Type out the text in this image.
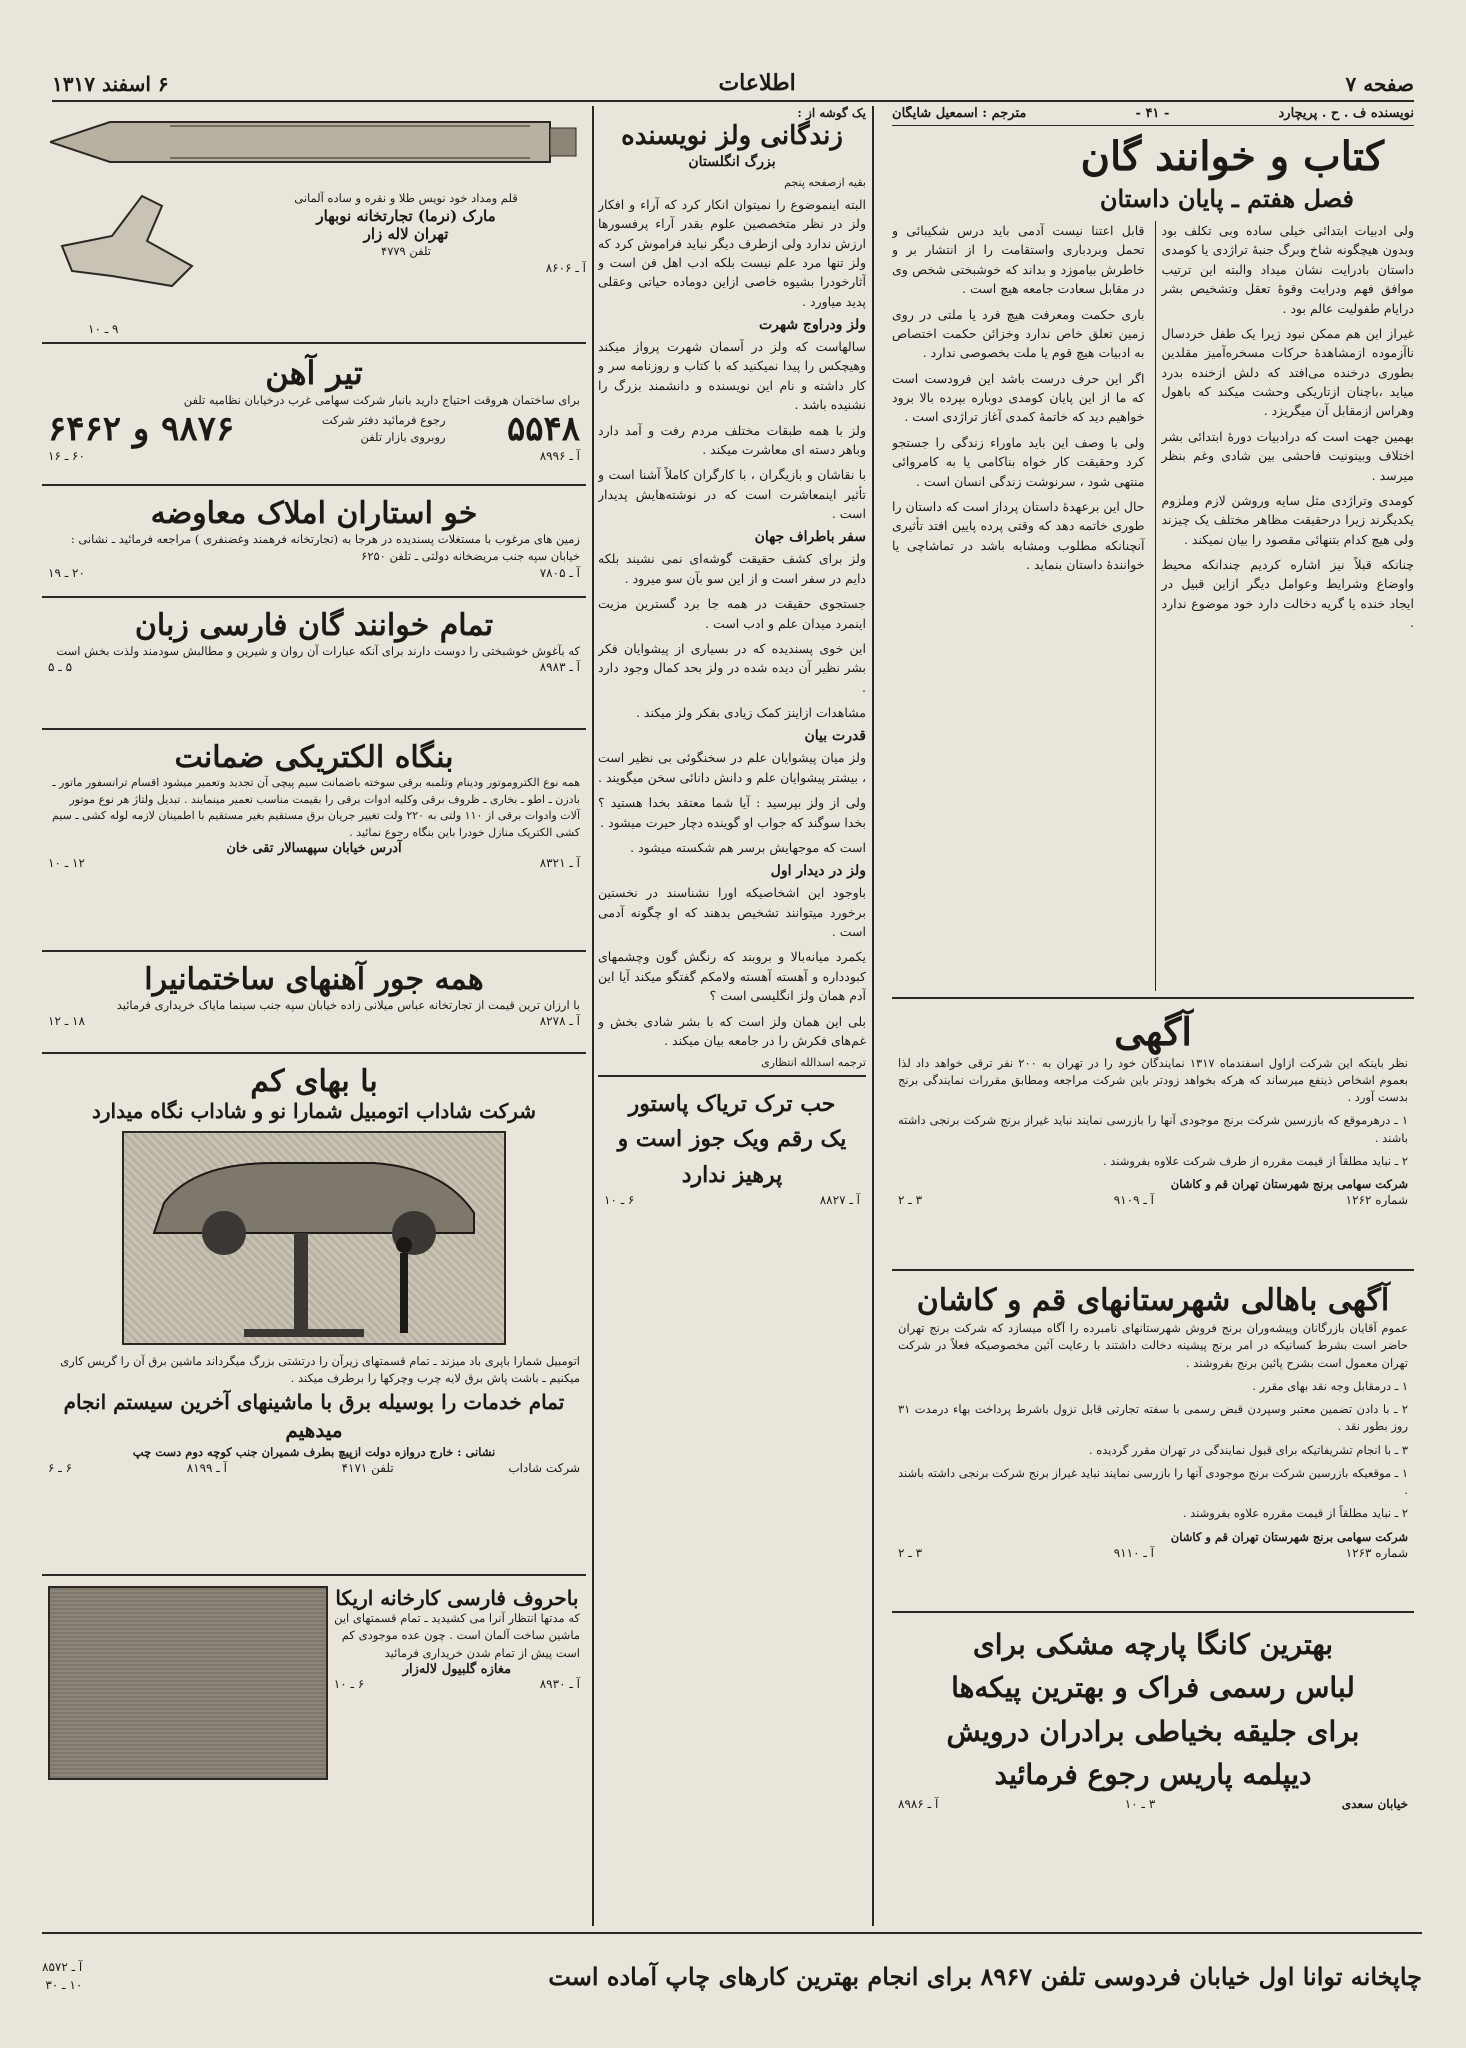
صفحه ۷
اطلاعات
۶ اسفند ۱۳۱۷
نویسنده ف . ح . پریچارد
- ۴۱ -
مترجم : اسمعیل شایگان
کتاب و خوانند گان
فصل هفتم ـ پایان داستان

ولی ادبیات ابتدائی خیلی ساده وبی تکلف بود وبدون هیچگونه شاخ وبرگ جنبهٔ تراژدی یا کومدی داستان بادرایت نشان میداد والبته این ترتیب موافق فهم ودرایت وقوهٔ تعقل وتشخیص بشر درایام طفولیت عالم بود .

غیراز این هم ممکن نبود زیرا یک طفل خردسال ناآزموده ازمشاهدهٔ حرکات مسخره‌آمیز مقلدین بطوری درخنده می‌افتد که دلش ازخنده بدرد میاید ،باچنان ازتاریکی وحشت میکند که باهول وهراس ازمقابل آن میگریزد .

بهمین جهت است که درادبیات دورهٔ ابتدائی بشر اختلاف وبینونیت فاحشی بین شادی وغم بنظر میرسد .

کومدی وتراژدی مثل سایه وروشن لازم وملزوم یکدیگرند زیرا درحقیقت مظاهر مختلف یک چیزند ولی هیچ کدام بتنهائی مقصود را بیان نمیکند .

چنانکه قبلاً نیز اشاره کردیم چندانکه محیط واوضاع وشرایط وعوامل دیگر ازاین قبیل در ایجاد خنده یا گریه دخالت دارد خود موضوع ندارد .

قابل اعتنا نیست آدمی باید درس شکیبائی و تحمل وبردباری واستقامت را از انتشار بر و خاطرش بیاموزد و بداند که خوشبختی شخص وی در مقابل سعادت جامعه هیچ است .

باری حکمت ومعرفت هیچ فرد یا ملتی در روی زمین تعلق خاص ندارد وخزائن حکمت اختصاص به ادبیات هیچ قوم یا ملت بخصوصی ندارد .

اگر این حرف درست باشد این فرودست است که ما از این پایان کومدی دوباره بپرده بالا برود خواهیم دید که خاتمهٔ کمدی آغاز تراژدی است .

ولی با وصف این باید ماوراء زندگی را جستجو کرد وحقیقت کار خواه بناکامی یا به کامروائی منتهی شود ، سرنوشت زندگی انسان است .

حال این برعهدهٔ داستان پرداز است که داستان را طوری خاتمه دهد که وقتی پرده پایین افتد تأثیری آنچنانکه مطلوب ومشابه باشد در تماشاچی یا خوانندهٔ داستان بنماید .

آگهی

نظر باینکه این شرکت ازاول اسفندماه ۱۳۱۷ نمایندگان خود را در تهران به ۲۰۰ نفر ترقی خواهد داد لذا بعموم اشخاص ذینفع میرساند که هرکه بخواهد زودتر باین شرکت مراجعه ومطابق مقررات نمایندگی برنج بدست آورد .

۱ ـ درهرموقع که بازرسین شرکت برنج موجودی آنها را بازرسی نمایند نباید غیراز برنج شرکت برنجی داشته باشند .

۲ ـ نباید مطلقاً از قیمت مقرره از طرف شرکت علاوه بفروشند .

شرکت سهامی برنج شهرستان تهران قم و کاشان

شماره ۱۲۶۲
آ ـ ۹۱۰۹
۳ ـ ۲
آگهی باهالی شهرستانهای قم و کاشان

عموم آقایان بازرگانان وپیشه‌وران برنج فروش شهرستانهای نامبرده را آگاه میسازد که شرکت برنج تهران حاضر است بشرط کسانیکه در امر برنج پیشینه دخالت داشتند با رعایت آئین مخصوصیکه فعلاً در شرکت تهران معمول است بشرح پائین برنج بفروشند .

۱ ـ درمقابل وجه نقد بهای مقرر .

۲ ـ با دادن تضمین معتبر وسپردن قبض رسمی با سفته تجارتی قابل نزول باشرط پرداخت بهاء درمدت ۳۱ روز بطور نقد .

۳ ـ با انجام تشریفاتیکه برای قبول نمایندگی در تهران مقرر گردیده .

۱ ـ موقعیکه بازرسین شرکت برنج موجودی آنها را بازرسی نمایند نباید غیراز برنج شرکت برنجی داشته باشند .

۲ ـ نباید مطلقاً از قیمت مقرره علاوه بفروشند .

شرکت سهامی برنج شهرستان تهران قم و کاشان

شماره ۱۲۶۳
آ ـ ۹۱۱۰
۳ ـ ۲
بهترین کانگا پارچه مشکی برای
لباس رسمی فراک و بهترین پیکه‌ها
برای جلیقه بخیاطی برادران درویش
دیپلمه پاریس رجوع فرمائید
خیابان سعدی
۳ ـ ۱۰
آ ـ ۸۹۸۶
یک گوشه از :
زندگانی ولز نویسنده
بزرگ انگلستان
بقیه ازصفحه پنجم

البته اینموضوع را نمیتوان انکار کرد که آراء و افکار ولز در نظر متخصصین علوم بقدر آراء پرفسورها ارزش ندارد ولی ازطرف دیگر نباید فراموش کرد که ولز تنها مرد علم نیست بلکه ادب اهل فن است و آثارخودرا بشیوه خاصی ازاین دوماده حیاتی وعقلی پدید میاورد .

ولز ودراوج شهرت

سالهاست که ولز در آسمان شهرت پرواز میکند وهیچکس را پیدا نمیکنید که با کتاب و روزنامه سر و کار داشته و نام این نویسنده و دانشمند بزرگ را نشنیده باشد .

ولز با همه طبقات مختلف مردم رفت و آمد دارد وباهر دسته ای معاشرت میکند .

با نقاشان و بازیگران ، با کارگران کاملاً آشنا است و تأثیر اینمعاشرت است که در نوشته‌هایش پدیدار است .

سفر باطراف جهان

ولز برای کشف حقیقت گوشه‌ای نمی نشیند بلکه دایم در سفر است و از این سو بآن سو میرود .

جستجوی حقیقت در همه جا برد گسترین مزیت اینمرد میدان علم و ادب است .

این خوی پسندیده که در بسیاری از پیشوایان فکر بشر نظیر آن دیده شده در ولز بحد کمال وجود دارد .

مشاهدات ازاینز کمک زیادی بفکر ولز میکند .

قدرت بیان

ولز میان پیشوایان علم در سخنگوئی بی نظیر است ، بیشتر پیشوایان علم و دانش دانائی سخن میگویند .

ولی از ولز بپرسید : آیا شما معتقد بخدا هستید ؟ بخدا سوگند که جواب او گوینده دچار حیرت میشود .

است که موجهایش برسر هم شکسته میشود .

ولز در دیدار اول

باوجود این اشخاصیکه اورا نشناسند در نخستین برخورد میتوانند تشخیص بدهند که او چگونه آدمی است .

یکمرد میانه‌بالا و بروبند که رنگش گون وچشمهای کبودداره و آهسته آهسته ولامکم گفتگو میکند آیا این آدم همان ولز انگلیسی است ؟

بلی این همان ولز است که با بشر شادی بخش و غم‌های فکرش را در جامعه بیان میکند .

ترجمه اسدالله انتظاری
حب ترک تریاک پاستور
یک رقم ویک جوز است و
پرهیز ندارد
آ ـ ۸۸۲۷
۶ ـ ۱۰
قلم ومداد خود نویس طلا و نقره و ساده آلمانی
مارک (نرما) تجارتخانه نوبهار
تهران لاله زار
تلفن ۴۷۷۹
آ ـ ۸۶۰۶
۹ ـ ۱۰
تیر آهن
برای ساختمان هروقت احتیاج دارید بانبار شرکت سهامی غرب درخیابان نظامیه تلفن
۵۵۴۸
رجوع فرمائید دفتر شرکت روبروی بازار تلفن
۹۸۷۶ و ۶۴۶۲
آ ـ ۸۹۹۶
۶۰ ـ ۱۶
خو استاران املاک معاوضه
زمین های مرغوب با مستغلات پسندیده در هرجا به (تجارتخانه فرهمند وغضنفری ) مراجعه فرمائید ـ نشانی : خیابان سپه جنب مریضخانه دولتی ـ تلفن ۶۲۵۰
آ ـ ۷۸۰۵
۲۰ ـ ۱۹
تمام خوانند گان فارسی زبان
که بآغوش خوشبختی را دوست دارند برای آنکه عبارات آن روان و شیرین و مطالبش سودمند ولذت بخش است
آ ـ ۸۹۸۳
۵ ـ ۵
بنگاه الکتریکی ضمانت
همه نوع الکتروموتور ودینام وتلمبه برقی سوخته باضمانت سیم پیچی آن تجدید وتعمیر میشود اقسام ترانسفور ماتور ـ بادزن ـ اطو ـ بخاری ـ ظروف برقی وکلیه ادوات برقی را بقیمت مناسب تعمیر مینمایند . تبدیل ولتاژ هر نوع موتور آلات وادوات برقی از ۱۱۰ ولتی به ۲۲۰ ولت تغییر جریان برق مستقیم بغیر مستقیم با اطمینان لازمه لوله کشی ـ سیم کشی الکتریک منازل خودرا باین بنگاه رجوع نمائید .
آدرس خیابان سپهسالار تقی خان
آ ـ ۸۳۲۱
۱۲ ـ ۱۰
همه جور آهنهای ساختمانیرا
با ارزان ترین قیمت از تجارتخانه عباس میلانی زاده خیابان سپه جنب سینما مایاک خریداری فرمائید
آ ـ ۸۲۷۸
۱۸ ـ ۱۲
با بهای کم
شرکت شاداب اتومبیل شمارا نو و شاداب نگاه میدارد
اتومبیل شمارا باپری باد میزند ـ تمام قسمتهای زیرآن را درتشتی بزرگ میگرداند ماشین برق آن را گریس کاری میکنیم ـ باشت پاش برق لایه چرب وچرکها را برطرف میکند .
تمام خدمات را بوسیله برق با ماشینهای آخرین سیستم انجام میدهیم
نشانی : خارج دروازه دولت ازپیچ بطرف شمیران جنب کوچه دوم دست چپ
شرکت شاداب
تلفن ۴۱۷۱
آ ـ ۸۱۹۹
۶ ـ ۶
باحروف فارسی کارخانه اریکا
که مدتها انتظار آنرا می کشیدید ـ تمام قسمتهای این ماشین ساخت آلمان است . چون عده موجودی کم است پیش از تمام شدن خریداری فرمائید
مغازه گلبیول لاله‌زار
آ ـ ۸۹۳۰
۶ ـ ۱۰
چاپخانه توانا اول خیابان فردوسی تلفن ۸۹۶۷ برای انجام بهترین کارهای چاپ آماده است
آ ـ ۸۵۷۲
۱۰ ـ ۳۰
